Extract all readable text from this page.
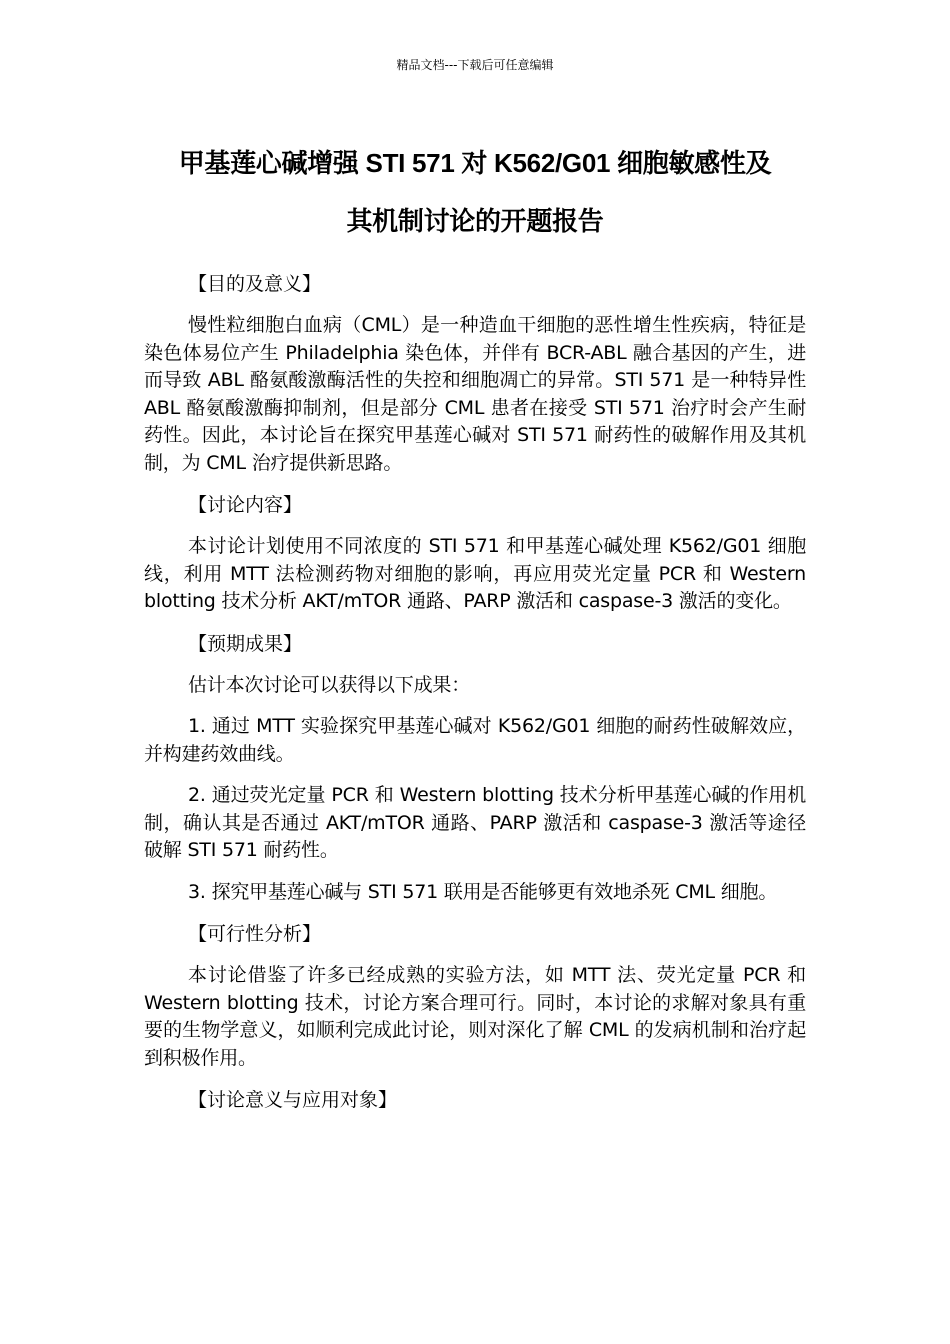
精品文档---下载后可任意编辑
甲基莲心碱增强 STI 571 对 K562/G01 细胞敏感性及
其机制讨论的开题报告
【目的及意义】

慢性粒细胞白血病（CML）是一种造血干细胞的恶性增生性疾病，特征是染色体易位产生 Philadelphia 染色体，并伴有 BCR-ABL 融合基因的产生，进而导致 ABL 酪氨酸激酶活性的失控和细胞凋亡的异常。STI 571 是一种特异性 ABL 酪氨酸激酶抑制剂，但是部分 CML 患者在接受 STI 571 治疗时会产生耐药性。因此，本讨论旨在探究甲基莲心碱对 STI 571 耐药性的破解作用及其机制，为 CML 治疗提供新思路。

【讨论内容】

本讨论计划使用不同浓度的 STI 571 和甲基莲心碱处理 K562/G01 细胞线，利用 MTT 法检测药物对细胞的影响，再应用荧光定量 PCR 和 Western blotting 技术分析 AKT/mTOR 通路、PARP 激活和 caspase-3 激活的变化。

【预期成果】

估计本次讨论可以获得以下成果：

1. 通过 MTT 实验探究甲基莲心碱对 K562/G01 细胞的耐药性破解效应，并构建药效曲线。

2. 通过荧光定量 PCR 和 Western blotting 技术分析甲基莲心碱的作用机制，确认其是否通过 AKT/mTOR 通路、PARP 激活和 caspase-3 激活等途径破解 STI 571 耐药性。

3. 探究甲基莲心碱与 STI 571 联用是否能够更有效地杀死 CML 细胞。

【可行性分析】

本讨论借鉴了许多已经成熟的实验方法，如 MTT 法、荧光定量 PCR 和 Western blotting 技术，讨论方案合理可行。同时，本讨论的求解对象具有重要的生物学意义，如顺利完成此讨论，则对深化了解 CML 的发病机制和治疗起到积极作用。

【讨论意义与应用对象】
